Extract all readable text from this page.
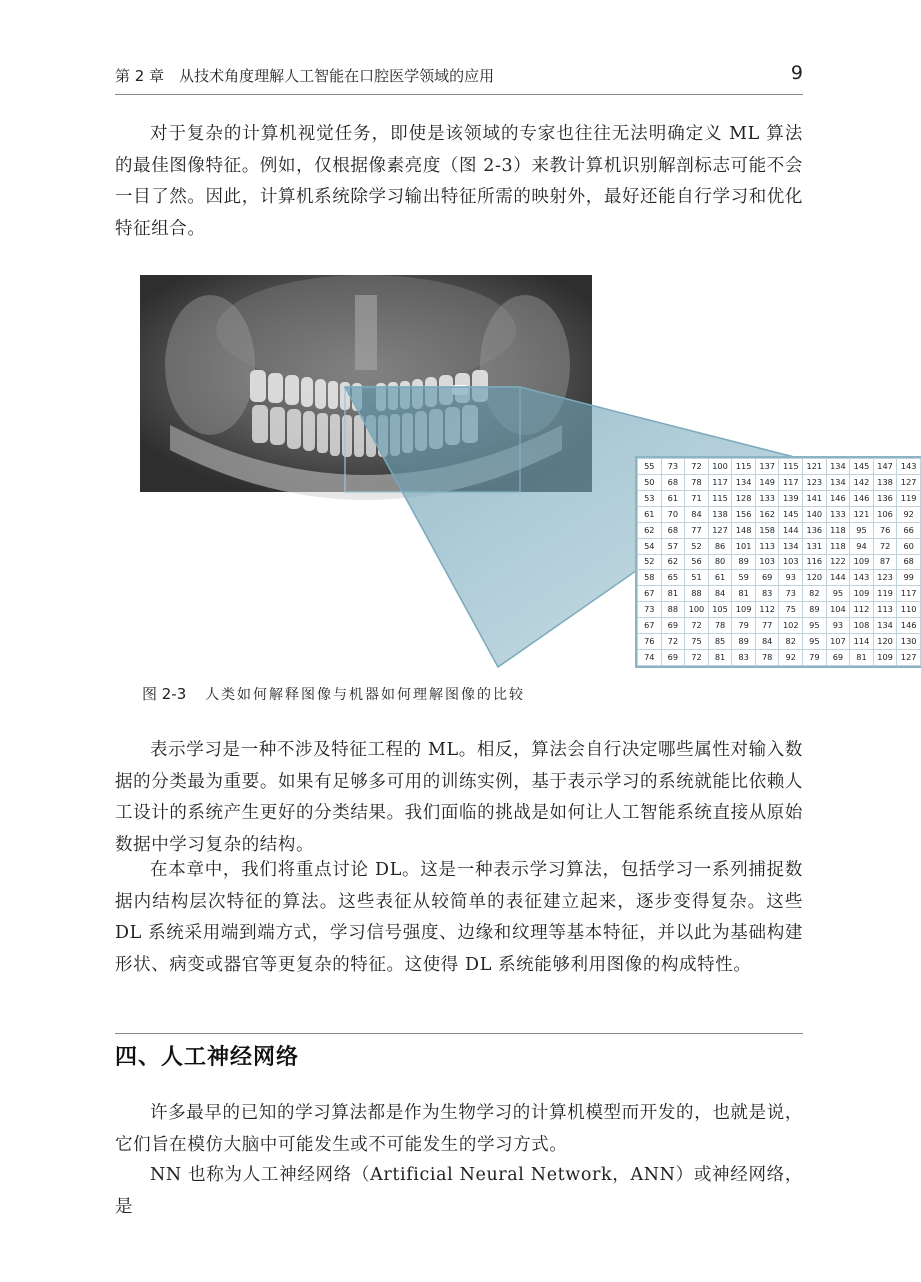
第 2 章　从技术角度理解人工智能在口腔医学领域的应用	9

对于复杂的计算机视觉任务，即使是该领域的专家也往往无法明确定义 ML 算法的最佳图像特征。例如，仅根据像素亮度（图 2-3）来教计算机识别解剖标志可能不会一目了然。因此，计算机系统除学习输出特征所需的映射外，最好还能自行学习和优化特征组合。

55	73	72	100	115	137	115	121	134	145	147	143
50	68	78	117	134	149	117	123	134	142	138	127
53	61	71	115	128	133	139	141	146	146	136	119
61	70	84	138	156	162	145	140	133	121	106	92
62	68	77	127	148	158	144	136	118	95	76	66
54	57	52	86	101	113	134	131	118	94	72	60
52	62	56	80	89	103	103	116	122	109	87	68
58	65	51	61	59	69	93	120	144	143	123	99
67	81	88	84	81	83	73	82	95	109	119	117
73	88	100	105	109	112	75	89	104	112	113	110
67	69	72	78	79	77	102	95	93	108	134	146
76	72	75	85	89	84	82	95	107	114	120	130
74	69	72	81	83	78	92	79	69	81	109	127
图 2-3 人类如何解释图像与机器如何理解图像的比较

表示学习是一种不涉及特征工程的 ML。相反，算法会自行决定哪些属性对输入数据的分类最为重要。如果有足够多可用的训练实例，基于表示学习的系统就能比依赖人工设计的系统产生更好的分类结果。我们面临的挑战是如何让人工智能系统直接从原始数据中学习复杂的结构。

在本章中，我们将重点讨论 DL。这是一种表示学习算法，包括学习一系列捕捉数据内结构层次特征的算法。这些表征从较简单的表征建立起来，逐步变得复杂。这些 DL 系统采用端到端方式，学习信号强度、边缘和纹理等基本特征，并以此为基础构建形状、病变或器官等更复杂的特征。这使得 DL 系统能够利用图像的构成特性。

四、人工神经网络

许多最早的已知的学习算法都是作为生物学习的计算机模型而开发的，也就是说，它们旨在模仿大脑中可能发生或不可能发生的学习方式。

NN 也称为人工神经网络（Artificial Neural Network，ANN）或神经网络，是
